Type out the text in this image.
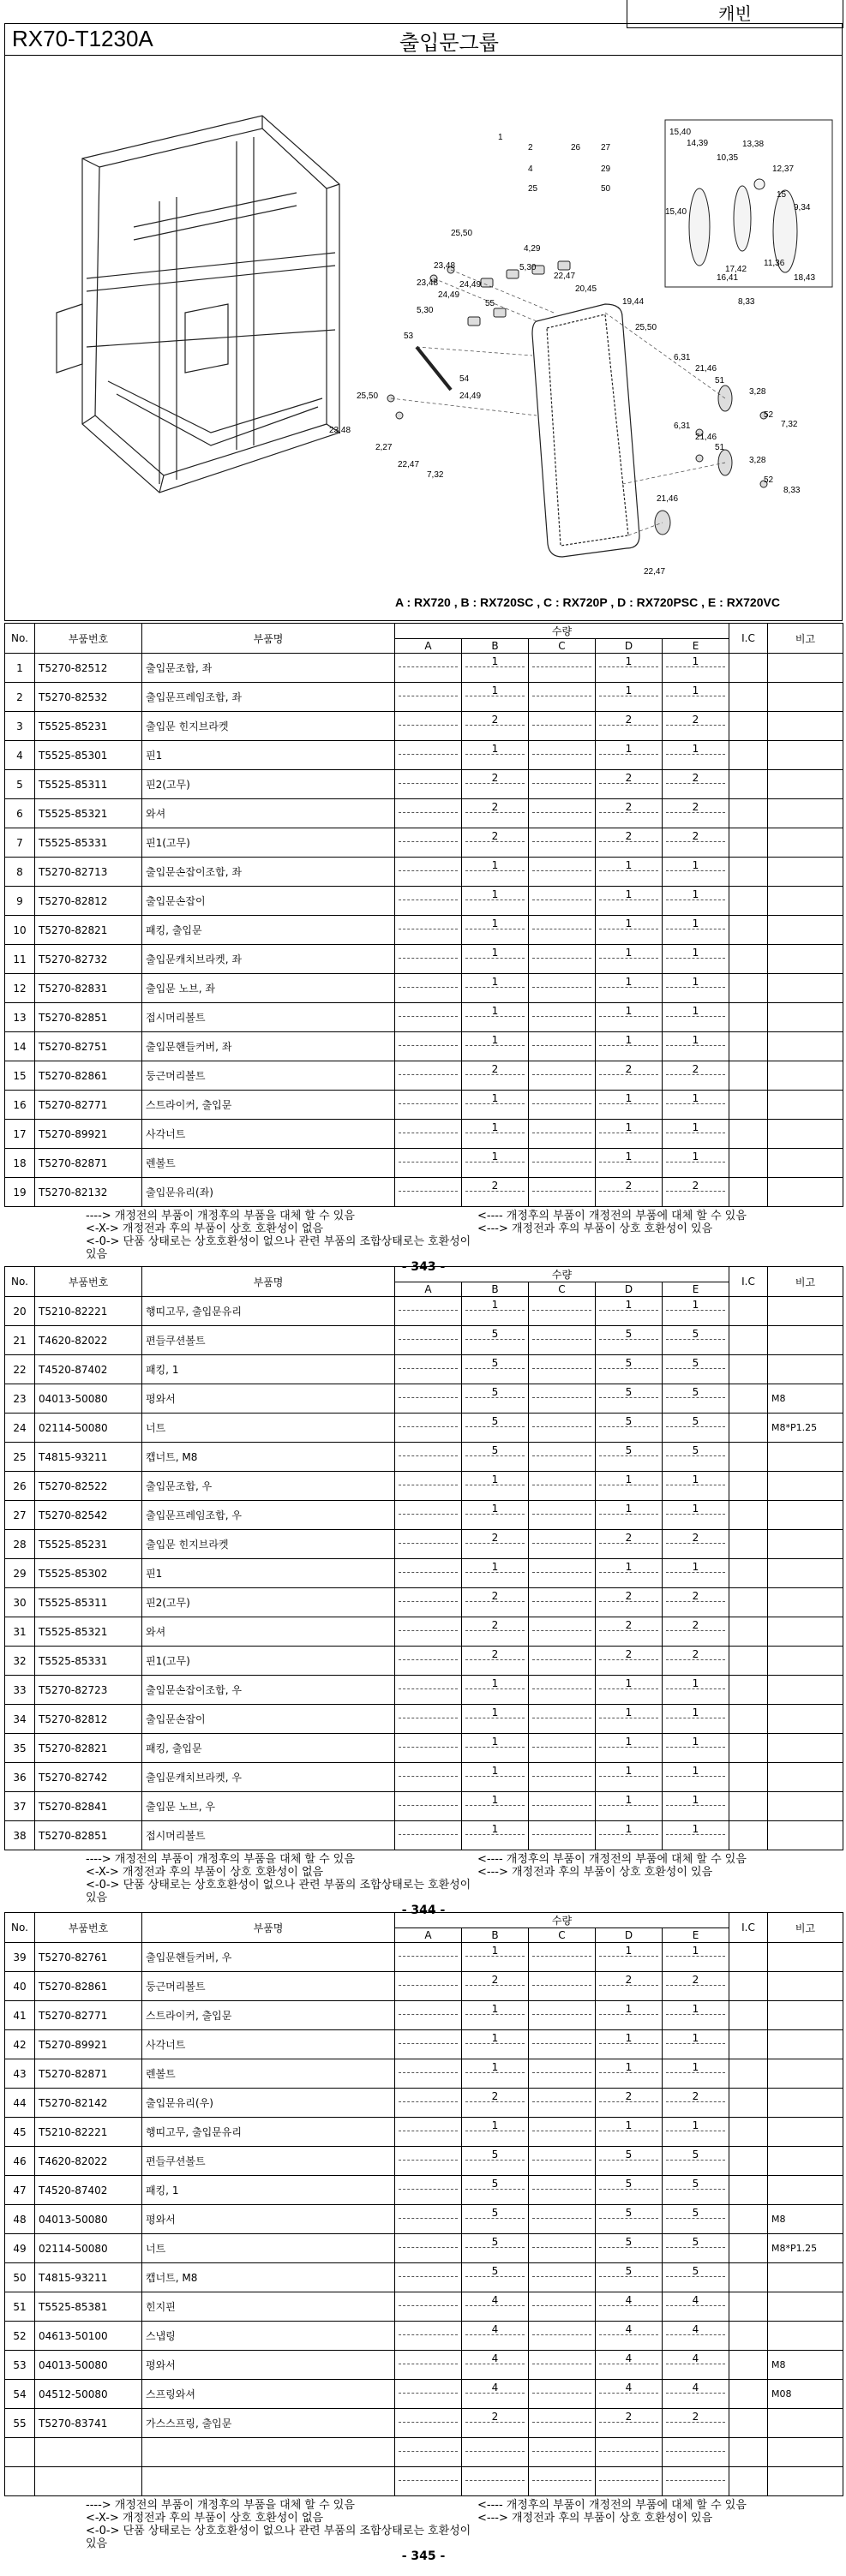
캐빈
RX70-T1230A	출입문그룹
1
2
4
25
26 27
29
50
15,40
14,39
10,35
13,38
12,37
15,40
15
9,34
17,42
11,36
16,41	18,43
8,33
25,50
23,48
4,29
24,49
5,30
22,47
20,45
19,44
25,50
23,48
24,49
5,30
55
53
54
24,49
25,50
23,48
2,27
22,47
7,32
6,31
21,46
51
3,28
52
7,32
6,31
21,46
51
3,28
52
8,33
21,46
22,47
A : RX720 , B : RX720SC , C : RX720P , D : RX720PSC , E : RX720VC
No.	부품번호	부품명	수량					I.C	비고
			A	B	C	D	E		
1	T5270-82512	출입문조합, 좌		1		1	1		
2	T5270-82532	출입문프레임조합, 좌		1		1	1		
3	T5525-85231	출입문 힌지브라켓		2		2	2		
4	T5525-85301	핀1		1		1	1		
5	T5525-85311	핀2(고무)		2		2	2		
6	T5525-85321	와셔		2		2	2		
7	T5525-85331	핀1(고무)		2		2	2		
8	T5270-82713	출입문손잡이조합, 좌		1		1	1		
9	T5270-82812	출입문손잡이		1		1	1		
10	T5270-82821	패킹, 출입문		1		1	1		
11	T5270-82732	출입문캐치브라켓, 좌		1		1	1		
12	T5270-82831	출입문 노브, 좌		1		1	1		
13	T5270-82851	접시머리볼트		1		1	1		
14	T5270-82751	출입문핸들커버, 좌		1		1	1		
15	T5270-82861	둥근머리볼트		2		2	2		
16	T5270-82771	스트라이커, 출입문		1		1	1		
17	T5270-89921	사각너트		1		1	1		
18	T5270-82871	렌볼트		1		1	1		
19	T5270-82132	출입문유리(좌)		2		2	2		
----> 개정전의 부품이 개정후의 부품을 대체 할 수 있음
<-X-> 개정전과 후의 부품이 상호 호환성이 없음
<-0-> 단품 상태로는 상호호환성이 없으나 관련 부품의 조합상태로는 호환성이 있음
<---- 개정후의 부품이 개정전의 부품에 대체 할 수 있음
<---> 개정전과 후의 부품이 상호 호환성이 있음
- 343 -
No.	부품번호	부품명	수량					I.C	비고
			A	B	C	D	E		
20	T5210-82221	행띠고무, 출입문유리		1		1	1		
21	T4620-82022	편들쿠션볼트		5		5	5		
22	T4520-87402	패킹, 1		5		5	5		
23	04013-50080	평와서		5		5	5		M8
24	02114-50080	너트		5		5	5		M8*P1.25
25	T4815-93211	캡너트, M8		5		5	5		
26	T5270-82522	출입문조합, 우		1		1	1		
27	T5270-82542	출입문프레임조합, 우		1		1	1		
28	T5525-85231	출입문 힌지브라켓		2		2	2		
29	T5525-85302	핀1		1		1	1		
30	T5525-85311	핀2(고무)		2		2	2		
31	T5525-85321	와셔		2		2	2		
32	T5525-85331	핀1(고무)		2		2	2		
33	T5270-82723	출입문손잡이조합, 우		1		1	1		
34	T5270-82812	출입문손잡이		1		1	1		
35	T5270-82821	패킹, 출입문		1		1	1		
36	T5270-82742	출입문캐치브라켓, 우		1		1	1		
37	T5270-82841	출입문 노브, 우		1		1	1		
38	T5270-82851	접시머리볼트		1		1	1		
----> 개정전의 부품이 개정후의 부품을 대체 할 수 있음
<-X-> 개정전과 후의 부품이 상호 호환성이 없음
<-0-> 단품 상태로는 상호호환성이 없으나 관련 부품의 조합상태로는 호환성이 있음
<---- 개정후의 부품이 개정전의 부품에 대체 할 수 있음
<---> 개정전과 후의 부품이 상호 호환성이 있음
- 344 -
No.	부품번호	부품명	수량					I.C	비고
			A	B	C	D	E		
39	T5270-82761	출입문핸들커버, 우		1		1	1		
40	T5270-82861	둥근머리볼트		2		2	2		
41	T5270-82771	스트라이커, 출입문		1		1	1		
42	T5270-89921	사각너트		1		1	1		
43	T5270-82871	렌볼트		1		1	1		
44	T5270-82142	출입문유리(우)		2		2	2		
45	T5210-82221	행띠고무, 출입문유리		1		1	1		
46	T4620-82022	편들쿠션볼트		5		5	5		
47	T4520-87402	패킹, 1		5		5	5		
48	04013-50080	평와서		5		5	5		M8
49	02114-50080	너트		5		5	5		M8*P1.25
50	T4815-93211	캡너트, M8		5		5	5		
51	T5525-85381	힌지핀		4		4	4		
52	04613-50100	스냅링		4		4	4		
53	04013-50080	평와서		4		4	4		M8
54	04512-50080	스프링와셔		4		4	4		M08
55	T5270-83741	가스스프링, 출입문		2		2	2		

----> 개정전의 부품이 개정후의 부품을 대체 할 수 있음
<-X-> 개정전과 후의 부품이 상호 호환성이 없음
<-0-> 단품 상태로는 상호호환성이 없으나 관련 부품의 조합상태로는 호환성이 있음
<---- 개정후의 부품이 개정전의 부품에 대체 할 수 있음
<---> 개정전과 후의 부품이 상호 호환성이 있음
- 345 -
